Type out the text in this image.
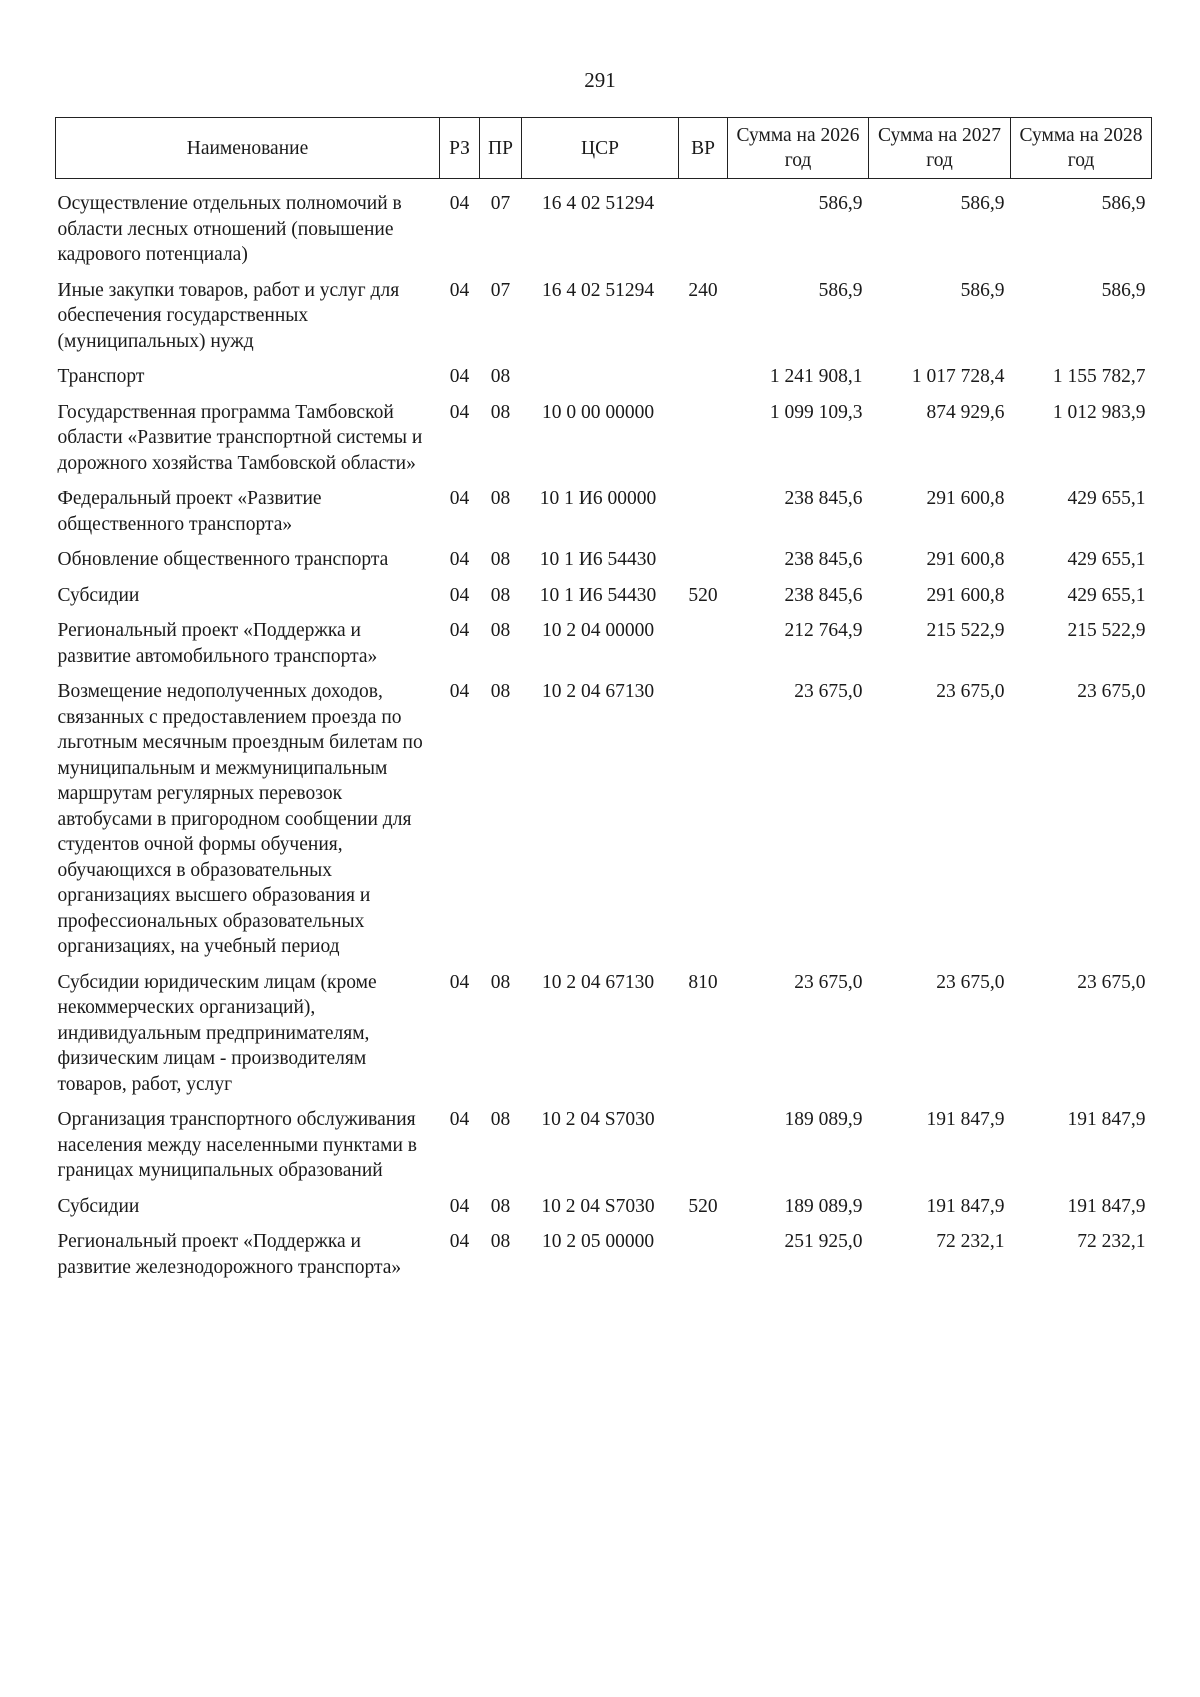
291
Наименование	РЗ	ПР	ЦСР	ВР	Сумма на 2026 год	Сумма на 2027 год	Сумма на 2028 год
Осуществление отдельных полномочий в области лесных отношений (повышение кадрового потенциала)	04	07	16 4 02 51294		586,9	586,9	586,9
Иные закупки товаров, работ и услуг для обеспечения государственных (муниципальных) нужд	04	07	16 4 02 51294	240	586,9	586,9	586,9
Транспорт	04	08			1 241 908,1	1 017 728,4	1 155 782,7
Государственная программа Тамбовской области «Развитие транспортной системы и дорожного хозяйства Тамбовской области»	04	08	10 0 00 00000		1 099 109,3	874 929,6	1 012 983,9
Федеральный проект «Развитие общественного транспорта»	04	08	10 1 И6 00000		238 845,6	291 600,8	429 655,1
Обновление общественного транспорта	04	08	10 1 И6 54430		238 845,6	291 600,8	429 655,1
Субсидии	04	08	10 1 И6 54430	520	238 845,6	291 600,8	429 655,1
Региональный проект «Поддержка и развитие автомобильного транспорта»	04	08	10 2 04 00000		212 764,9	215 522,9	215 522,9
Возмещение недополученных доходов, связанных с предоставлением проезда по льготным месячным проездным билетам по муниципальным и межмуниципальным маршрутам регулярных перевозок автобусами в пригородном сообщении для студентов очной формы обучения, обучающихся в образовательных организациях высшего образования и профессиональных образовательных организациях, на учебный период	04	08	10 2 04 67130		23 675,0	23 675,0	23 675,0
Субсидии юридическим лицам (кроме некоммерческих организаций), индивидуальным предпринимателям, физическим лицам - производителям товаров, работ, услуг	04	08	10 2 04 67130	810	23 675,0	23 675,0	23 675,0
Организация транспортного обслуживания населения между населенными пунктами в границах муниципальных образований	04	08	10 2 04 S7030		189 089,9	191 847,9	191 847,9
Субсидии	04	08	10 2 04 S7030	520	189 089,9	191 847,9	191 847,9
Региональный проект «Поддержка и развитие железнодорожного транспорта»	04	08	10 2 05 00000		251 925,0	72 232,1	72 232,1
